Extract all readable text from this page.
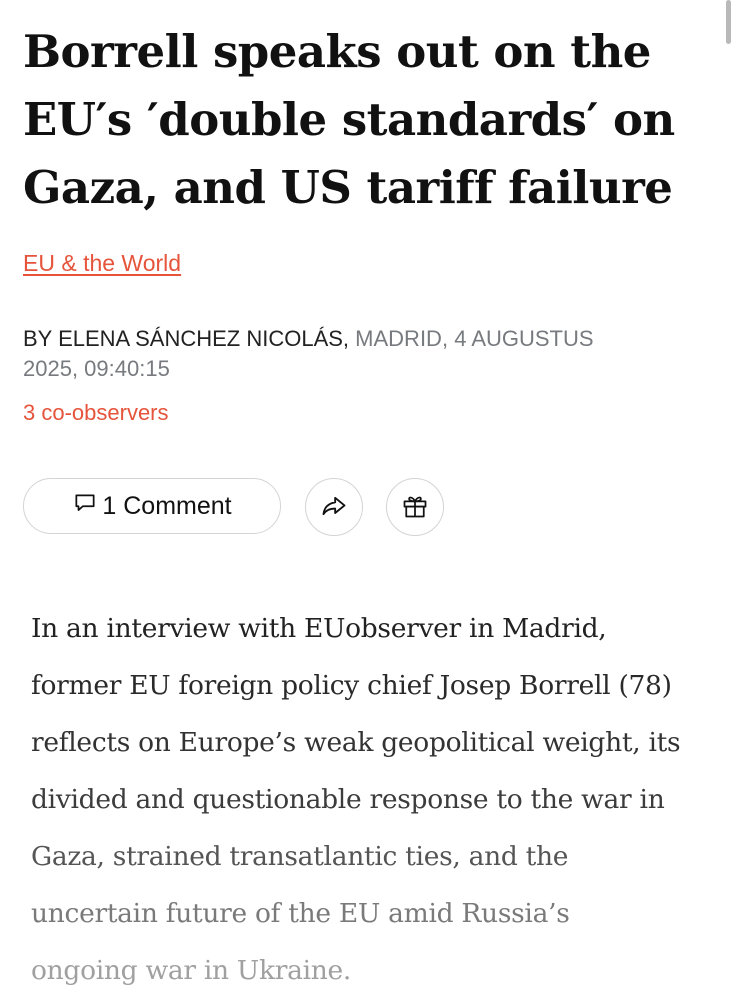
Borrell speaks out on the
EU′s ′double standards′ on
Gaza, and US tariff failure
EU & the World
BY ELENA SÁNCHEZ NICOLÁS, MADRID, 4 AUGUSTUS
2025, 09:40:15
3 co-observers
1 Comment
In an interview with EUobserver in Madrid,
former EU foreign policy chief Josep Borrell (78)
reflects on Europe’s weak geopolitical weight, its
divided and questionable response to the war in
Gaza, strained transatlantic ties, and the
uncertain future of the EU amid Russia’s
ongoing war in Ukraine.
